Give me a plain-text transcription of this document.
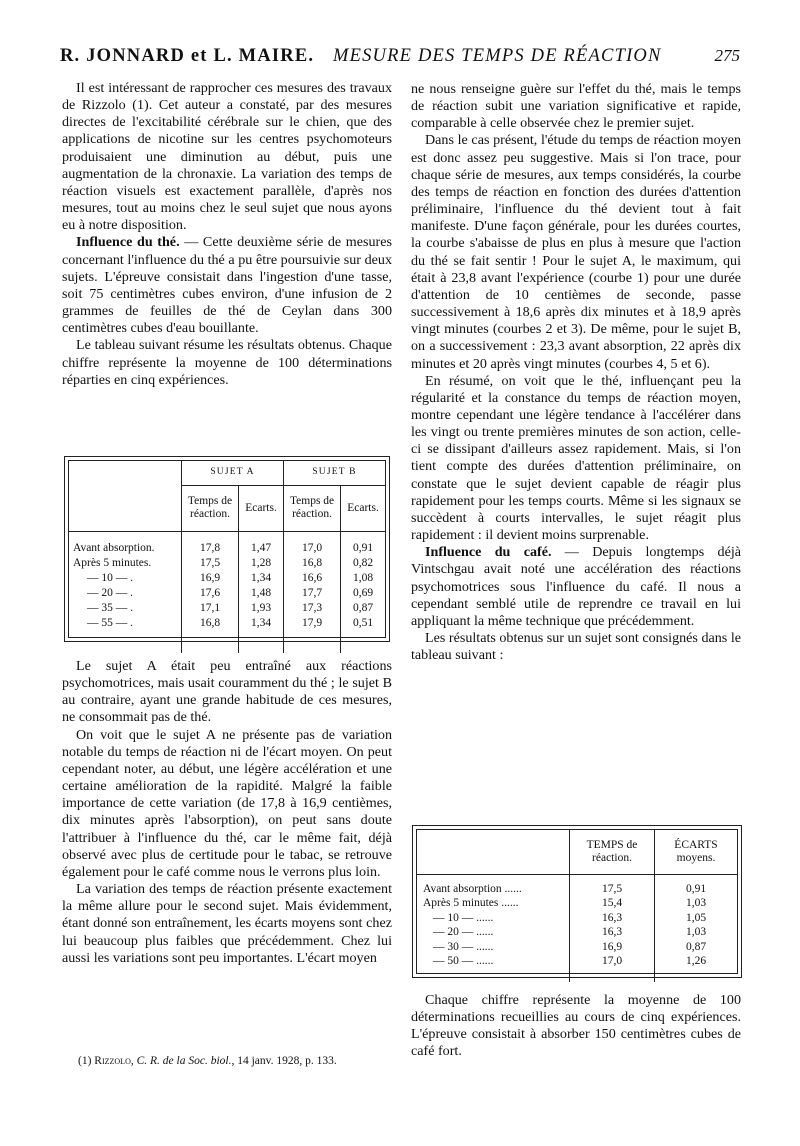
R. JONNARD et L. MAIRE. MESURE DES TEMPS DE RÉACTION	275

Il est intéressant de rapprocher ces mesures des travaux de Rizzolo (1). Cet auteur a constaté, par des mesures directes de l'excitabilité cérébrale sur le chien, que des applications de nicotine sur les centres psychomoteurs produisaient une diminution au début, puis une augmentation de la chronaxie. La variation des temps de réaction visuels est exactement parallèle, d'après nos mesures, tout au moins chez le seul sujet que nous ayons eu à notre disposition.

Influence du thé. — Cette deuxième série de mesures concernant l'influence du thé a pu être poursuivie sur deux sujets. L'épreuve consistait dans l'ingestion d'une tasse, soit 75 centimètres cubes environ, d'une infusion de 2 grammes de feuilles de thé de Ceylan dans 300 centimètres cubes d'eau bouillante.

Le tableau suivant résume les résultats obtenus. Chaque chiffre représente la moyenne de 100 déterminations réparties en cinq expériences.

	SUJET A		SUJET B	
	Temps de réaction.	Ecarts.	Temps de réaction.	Ecarts.

Avant absorption.	17,8	1,47	17,0	0,91
Après 5 minutes.	17,5	1,28	16,8	0,82
— 10 — .	16,9	1,34	16,6	1,08
— 20 — .	17,6	1,48	17,7	0,69
— 35 — .	17,1	1,93	17,3	0,87
— 55 — .	16,8	1,34	17,9	0,51

Le sujet A était peu entraîné aux réactions psychomotrices, mais usait couramment du thé ; le sujet B au contraire, ayant une grande habitude de ces mesures, ne consommait pas de thé.

On voit que le sujet A ne présente pas de variation notable du temps de réaction ni de l'écart moyen. On peut cependant noter, au début, une légère accélération et une certaine amélioration de la rapidité. Malgré la faible importance de cette variation (de 17,8 à 16,9 centièmes, dix minutes après l'absorption), on peut sans doute l'attribuer à l'influence du thé, car le même fait, déjà observé avec plus de certitude pour le tabac, se retrouve également pour le café comme nous le verrons plus loin.

La variation des temps de réaction présente exactement la même allure pour le second sujet. Mais évidemment, étant donné son entraînement, les écarts moyens sont chez lui beaucoup plus faibles que précédemment. Chez lui aussi les variations sont peu importantes. L'écart moyen

ne nous renseigne guère sur l'effet du thé, mais le temps de réaction subit une variation significative et rapide, comparable à celle observée chez le premier sujet.

Dans le cas présent, l'étude du temps de réaction moyen est donc assez peu suggestive. Mais si l'on trace, pour chaque série de mesures, aux temps considérés, la courbe des temps de réaction en fonction des durées d'attention préliminaire, l'influence du thé devient tout à fait manifeste. D'une façon générale, pour les durées courtes, la courbe s'abaisse de plus en plus à mesure que l'action du thé se fait sentir ! Pour le sujet A, le maximum, qui était à 23,8 avant l'expérience (courbe 1) pour une durée d'attention de 10 centièmes de seconde, passe successivement à 18,6 après dix minutes et à 18,9 après vingt minutes (courbes 2 et 3). De même, pour le sujet B, on a successivement : 23,3 avant absorption, 22 après dix minutes et 20 après vingt minutes (courbes 4, 5 et 6).

En résumé, on voit que le thé, influençant peu la régularité et la constance du temps de réaction moyen, montre cependant une légère tendance à l'accélérer dans les vingt ou trente premières minutes de son action, celle-ci se dissipant d'ailleurs assez rapidement. Mais, si l'on tient compte des durées d'attention préliminaire, on constate que le sujet devient capable de réagir plus rapidement pour les temps courts. Même si les signaux se succèdent à courts intervalles, le sujet réagit plus rapidement : il devient moins surprenable.

Influence du café. — Depuis longtemps déjà Vintschgau avait noté une accélération des réactions psychomotrices sous l'influence du café. Il nous a cependant semblé utile de reprendre ce travail en lui appliquant la même technique que précédemment.

Les résultats obtenus sur un sujet sont consignés dans le tableau suivant :

	TEMPS de réaction.	ÉCARTS moyens.

Avant absorption ......	17,5	0,91
Après 5 minutes ......	15,4	1,03
— 10 — ......	16,3	1,05
— 20 — ......	16,3	1,03
— 30 — ......	16,9	0,87
— 50 — ......	17,0	1,26

Chaque chiffre représente la moyenne de 100 déterminations recueillies au cours de cinq expériences. L'épreuve consistait à absorber 150 centimètres cubes de café fort.

(1) Rizzolo, C. R. de la Soc. biol., 14 janv. 1928, p. 133.
